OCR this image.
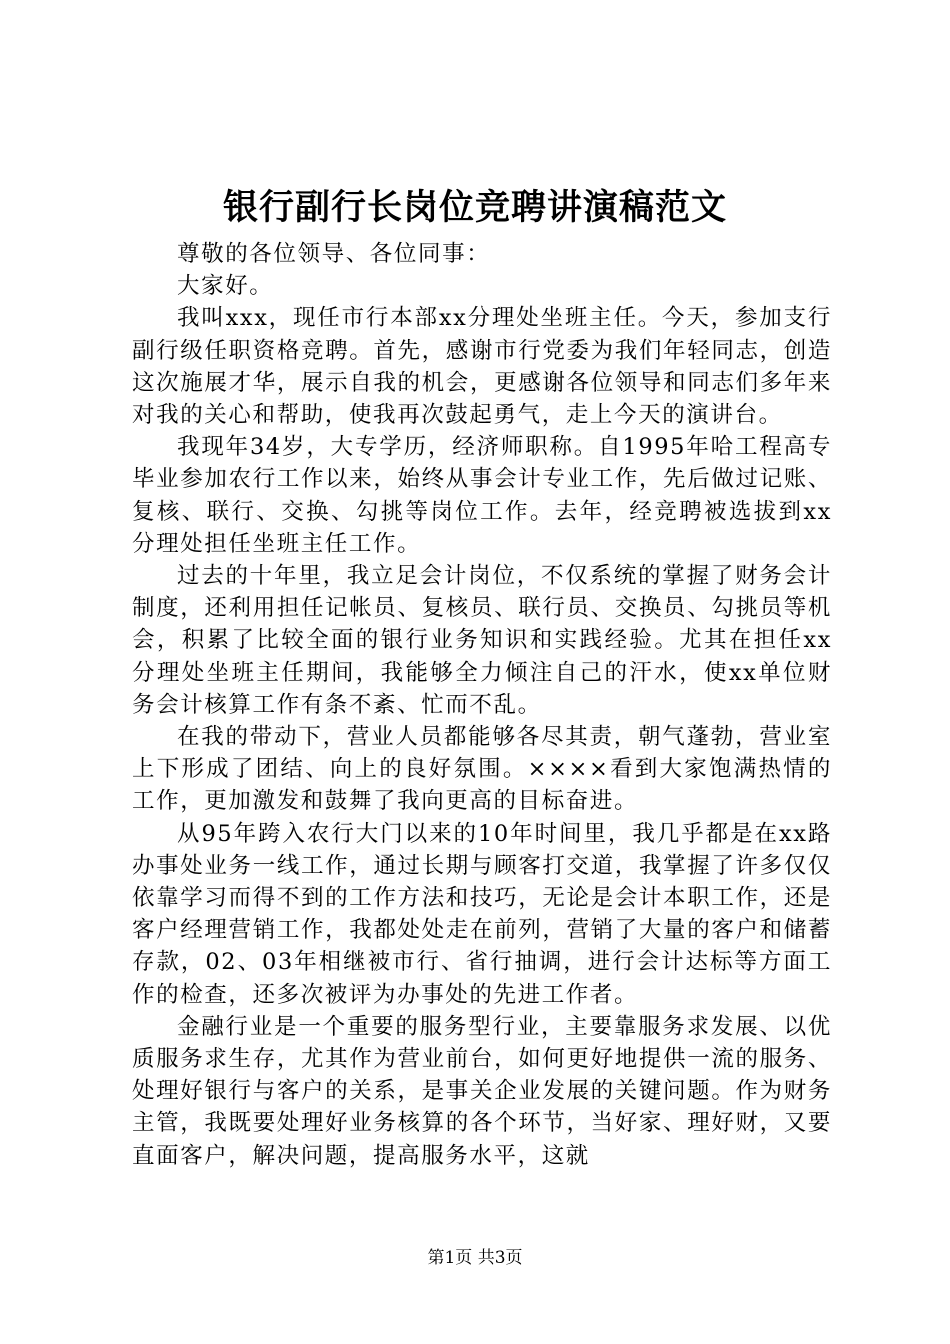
银行副行长岗位竞聘讲演稿范文

尊敬的各位领导、各位同事：

大家好。

我叫xxx，现任市行本部xx分理处坐班主任。今天，参加支行副行级任职资格竞聘。首先，感谢市行党委为我们年轻同志，创造这次施展才华，展示自我的机会，更感谢各位领导和同志们多年来对我的关心和帮助，使我再次鼓起勇气，走上今天的演讲台。

我现年34岁，大专学历，经济师职称。自1995年哈工程高专毕业参加农行工作以来，始终从事会计专业工作，先后做过记账、复核、联行、交换、勾挑等岗位工作。去年，经竞聘被选拔到xx分理处担任坐班主任工作。

过去的十年里，我立足会计岗位，不仅系统的掌握了财务会计制度，还利用担任记帐员、复核员、联行员、交换员、勾挑员等机会，积累了比较全面的银行业务知识和实践经验。尤其在担任xx分理处坐班主任期间，我能够全力倾注自己的汗水，使xx单位财务会计核算工作有条不紊、忙而不乱。

在我的带动下，营业人员都能够各尽其责，朝气蓬勃，营业室上下形成了团结、向上的良好氛围。××××看到大家饱满热情的工作，更加激发和鼓舞了我向更高的目标奋进。

从95年跨入农行大门以来的10年时间里，我几乎都是在xx路办事处业务一线工作，通过长期与顾客打交道，我掌握了许多仅仅依靠学习而得不到的工作方法和技巧，无论是会计本职工作，还是客户经理营销工作，我都处处走在前列，营销了大量的客户和储蓄存款，02、03年相继被市行、省行抽调，进行会计达标等方面工作的检查，还多次被评为办事处的先进工作者。

金融行业是一个重要的服务型行业，主要靠服务求发展、以优质服务求生存，尤其作为营业前台，如何更好地提供一流的服务、处理好银行与客户的关系，是事关企业发展的关键问题。作为财务主管，我既要处理好业务核算的各个环节，当好家、理好财，又要直面客户，解决问题，提高服务水平，这就

第1页 共3页
